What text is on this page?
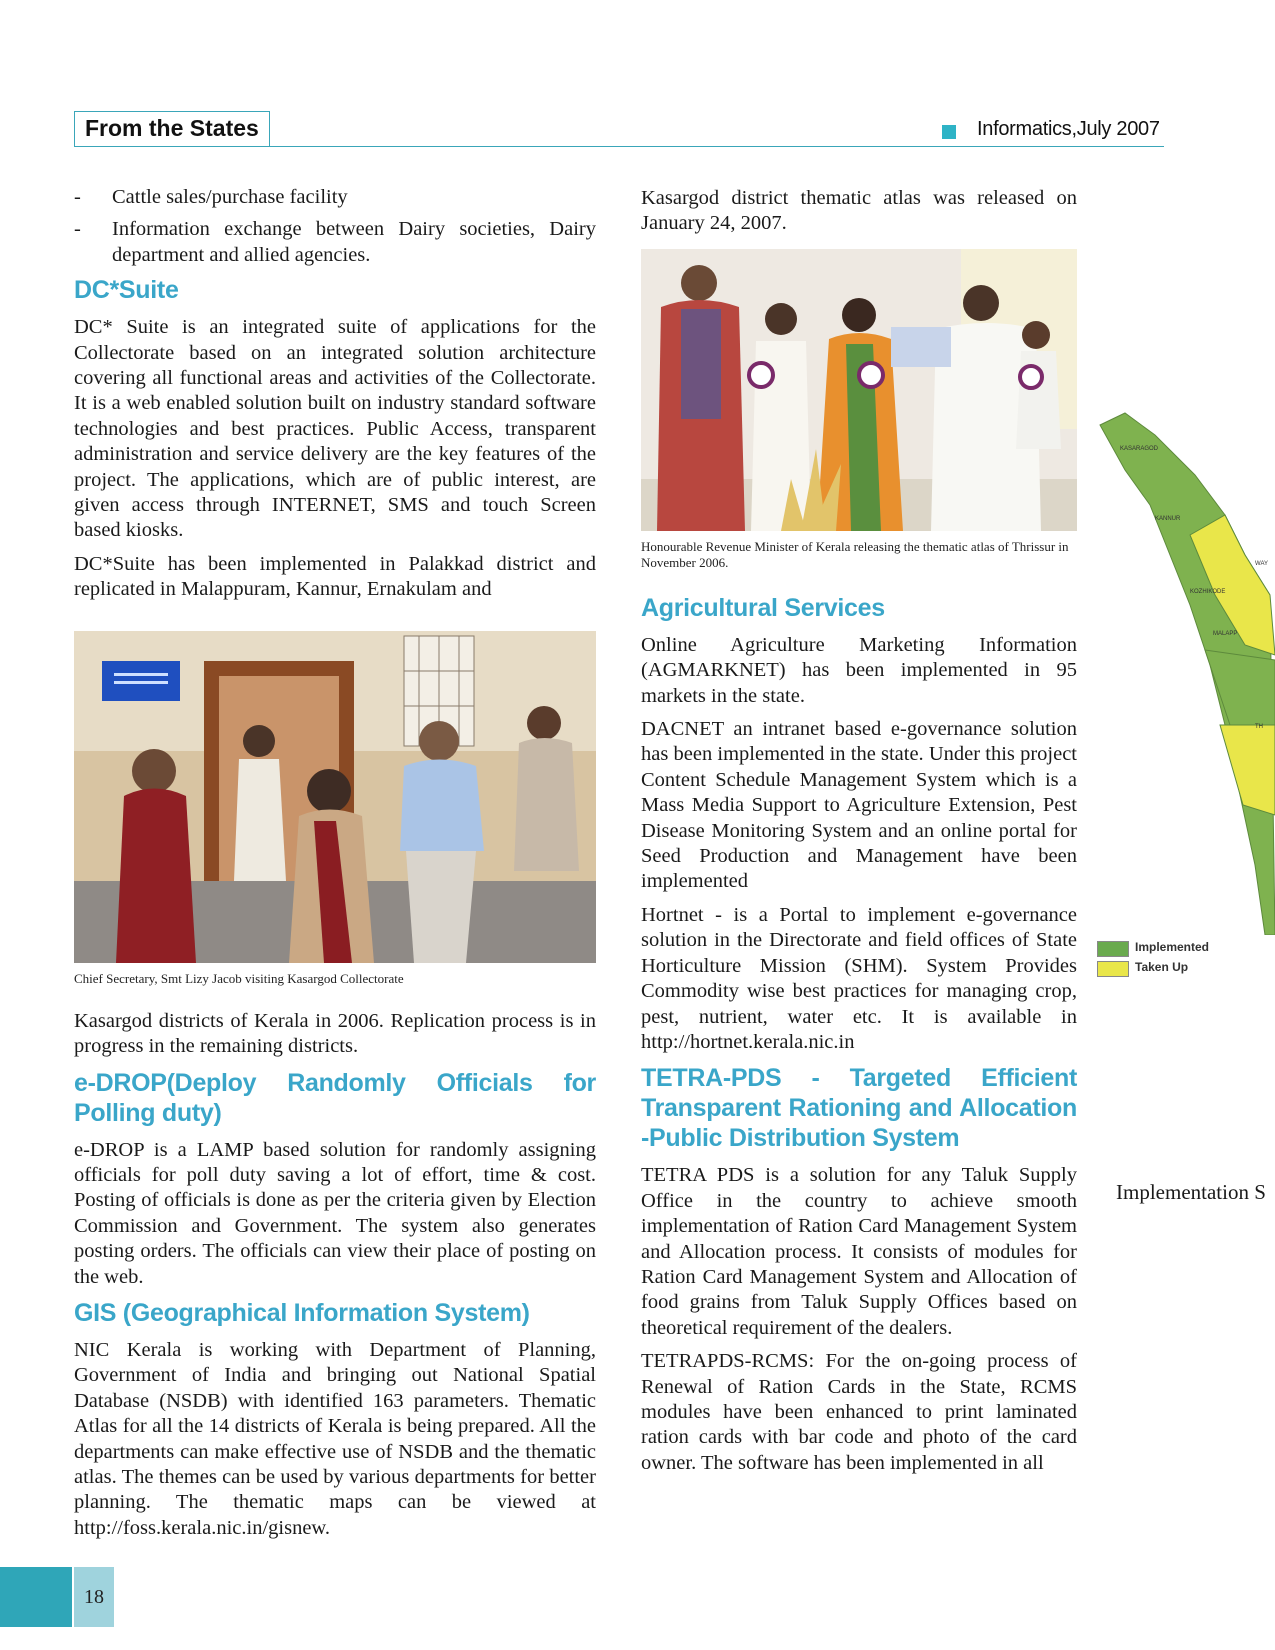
From the States	Informatics,July 2007
- Cattle sales/purchase facility
- Information exchange between Dairy societies, Dairy department and allied agencies.
DC*Suite

DC* Suite is an integrated suite of applications for the Collectorate based on an integrated solution architecture covering all functional areas and activities of the Collectorate. It is a web enabled solution built on industry standard software technologies and best practices. Public Access, transparent administration and service delivery are the key features of the project. The applications, which are of public interest, are given access through INTERNET, SMS and touch Screen based kiosks.

DC*Suite has been implemented in Palakkad district and replicated in Malappuram, Kannur, Ernakulam and

Chief Secretary, Smt Lizy Jacob visiting Kasargod Collectorate

Kasargod districts of Kerala in 2006. Replication process is in progress in the remaining districts.

e-DROP(Deploy Randomly Officials for Polling duty)

e-DROP is a LAMP based solution for randomly assigning officials for poll duty saving a lot of effort, time & cost. Posting of officials is done as per the criteria given by Election Commission and Government. The system also generates posting orders. The officials can view their place of posting on the web.

GIS (Geographical Information System)

NIC Kerala is working with Department of Planning, Government of India and bringing out National Spatial Database (NSDB) with identified 163 parameters. Thematic Atlas for all the 14 districts of Kerala is being prepared. All the departments can make effective use of NSDB and the thematic atlas. The themes can be used by various departments for better planning. The thematic maps can be viewed at http://foss.kerala.nic.in/gisnew.

Kasargod district thematic atlas was released on January 24, 2007.

Honourable Revenue Minister of Kerala releasing the thematic atlas of Thrissur in November 2006.
Agricultural Services

Online Agriculture Marketing Information (AGMARKNET) has been implemented in 95 markets in the state.

DACNET an intranet based e-governance solution has been implemented in the state. Under this project Content Schedule Management System which is a Mass Media Support to Agriculture Extension, Pest Disease Monitoring System and an online portal for Seed Production and Management have been implemented

Hortnet - is a Portal to implement e-governance solution in the Directorate and field offices of State Horticulture Mission (SHM). System Provides Commodity wise best practices for managing crop, pest, nutrient, water etc. It is available in http://hortnet.kerala.nic.in

TETRA-PDS - Targeted Efficient Transparent Rationing and Allocation -Public Distribution System

TETRA PDS is a solution for any Taluk Supply Office in the country to achieve smooth implementation of Ration Card Management System and Allocation process. It consists of modules for Ration Card Management System and Allocation of food grains from Taluk Supply Offices based on theoretical requirement of the dealers.

TETRAPDS-RCMS: For the on-going process of Renewal of Ration Cards in the State, RCMS modules have been enhanced to print laminated ration cards with bar code and photo of the card owner. The software has been implemented in all

KASARAGOD
KANNUR
WAY
KOZHIKODE
MALAPP
TH
Implemented
Taken Up
Implementation S
18
